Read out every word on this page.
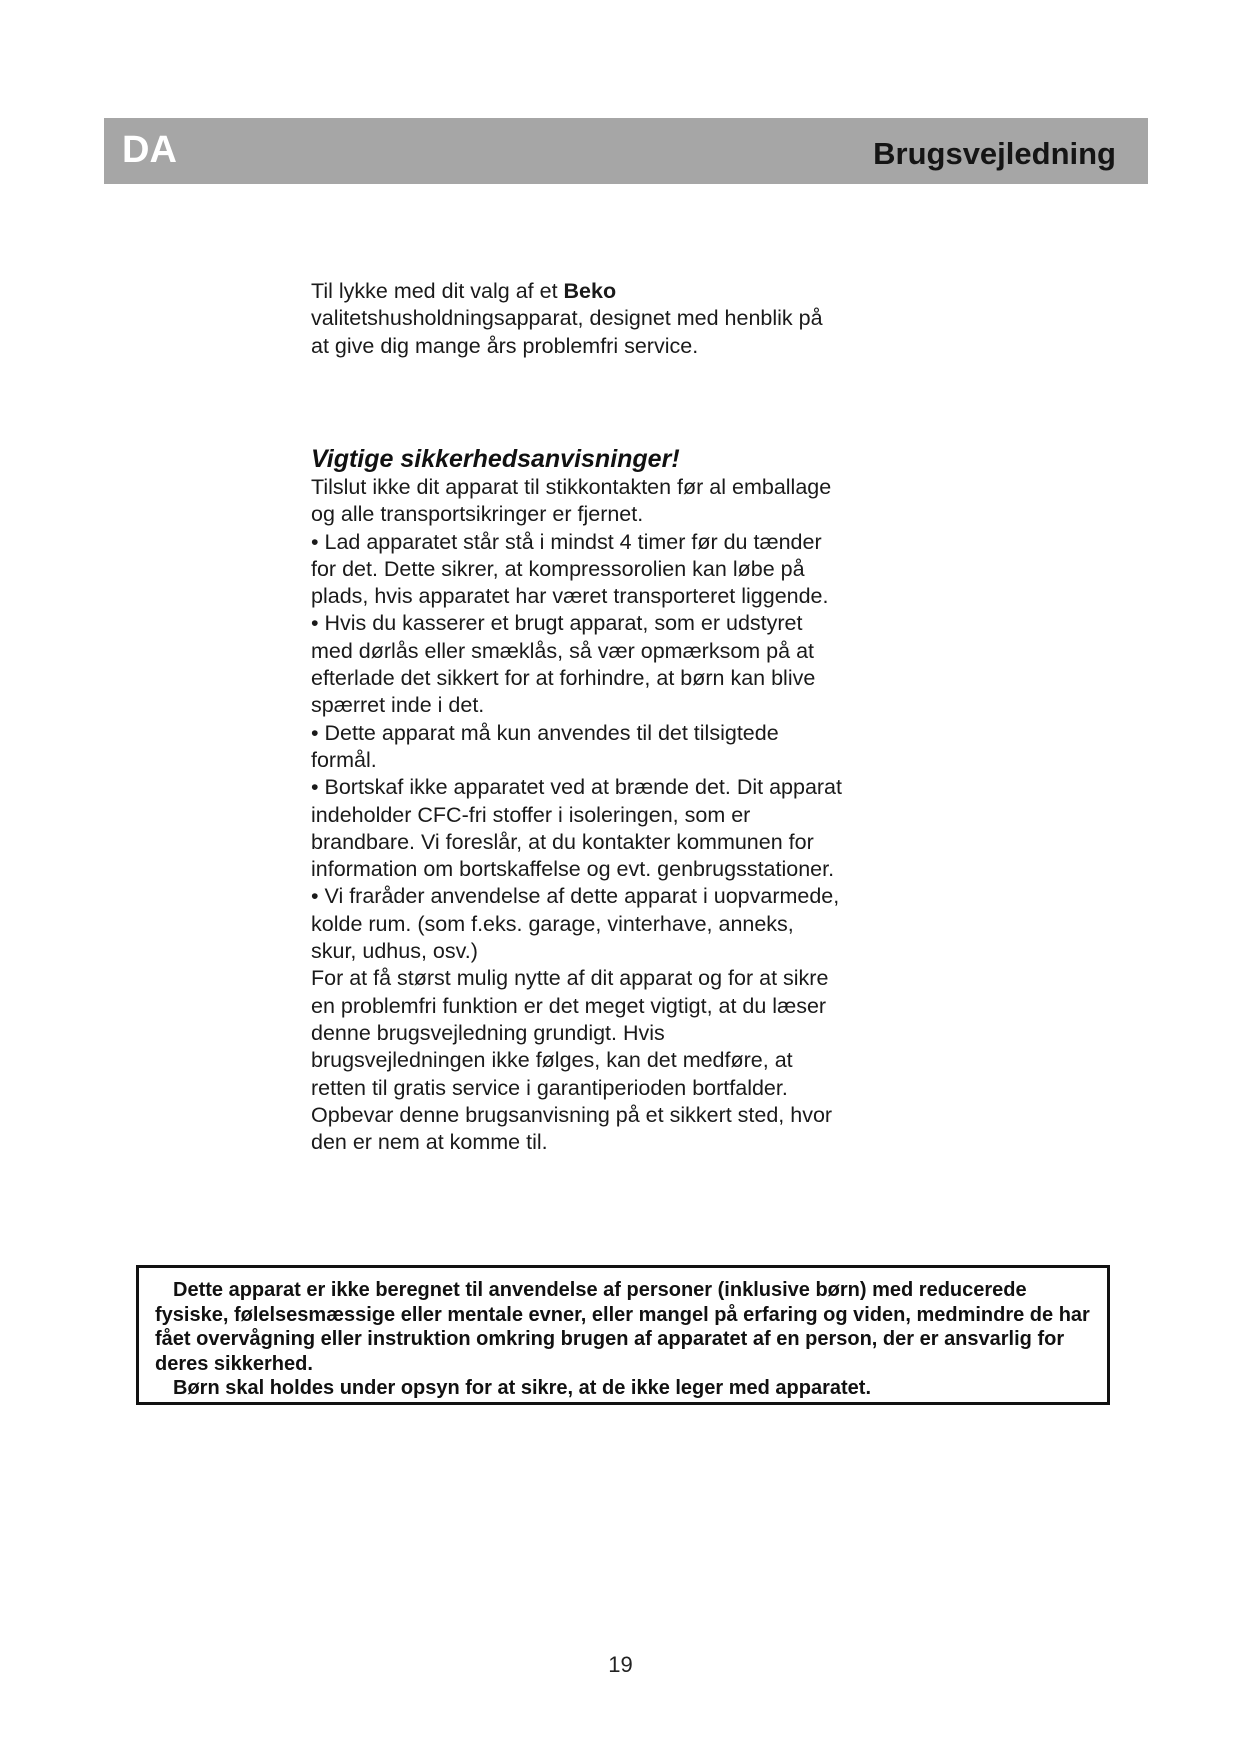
DA	Brugsvejledning

Til lykke med dit valg af et Beko

valitetshusholdningsapparat, designet med henblik på

at give dig mange års problemfri service.

Vigtige sikkerhedsanvisninger!

Tilslut ikke dit apparat til stikkontakten før al emballage

og alle transportsikringer er fjernet.

• Lad apparatet står stå i mindst 4 timer før du tænder

for det. Dette sikrer, at kompressorolien kan løbe på

plads, hvis apparatet har været transporteret liggende.

• Hvis du kasserer et brugt apparat, som er udstyret

med dørlås eller smæklås, så vær opmærksom på at

efterlade det sikkert for at forhindre, at børn kan blive

spærret inde i det.

• Dette apparat må kun anvendes til det tilsigtede

formål.

• Bortskaf ikke apparatet ved at brænde det. Dit apparat

indeholder CFC-fri stoffer i isoleringen, som er

brandbare. Vi foreslår, at du kontakter kommunen for

information om bortskaffelse og evt. genbrugsstationer.

• Vi fraråder anvendelse af dette apparat i uopvarmede,

kolde rum. (som f.eks. garage, vinterhave, anneks,

skur, udhus, osv.)

For at få størst mulig nytte af dit apparat og for at sikre

en problemfri funktion er det meget vigtigt, at du læser

denne brugsvejledning grundigt. Hvis

brugsvejledningen ikke følges, kan det medføre, at

retten til gratis service i garantiperioden bortfalder.

Opbevar denne brugsanvisning på et sikkert sted, hvor

den er nem at komme til.

Dette apparat er ikke beregnet til anvendelse af personer (inklusive børn) med reducerede fysiske, følelsesmæssige eller mentale evner, eller mangel på erfaring og viden, medmindre de har fået overvågning eller instruktion omkring brugen af apparatet af en person, der er ansvarlig for deres sikkerhed.

Børn skal holdes under opsyn for at sikre, at de ikke leger med apparatet.

19
